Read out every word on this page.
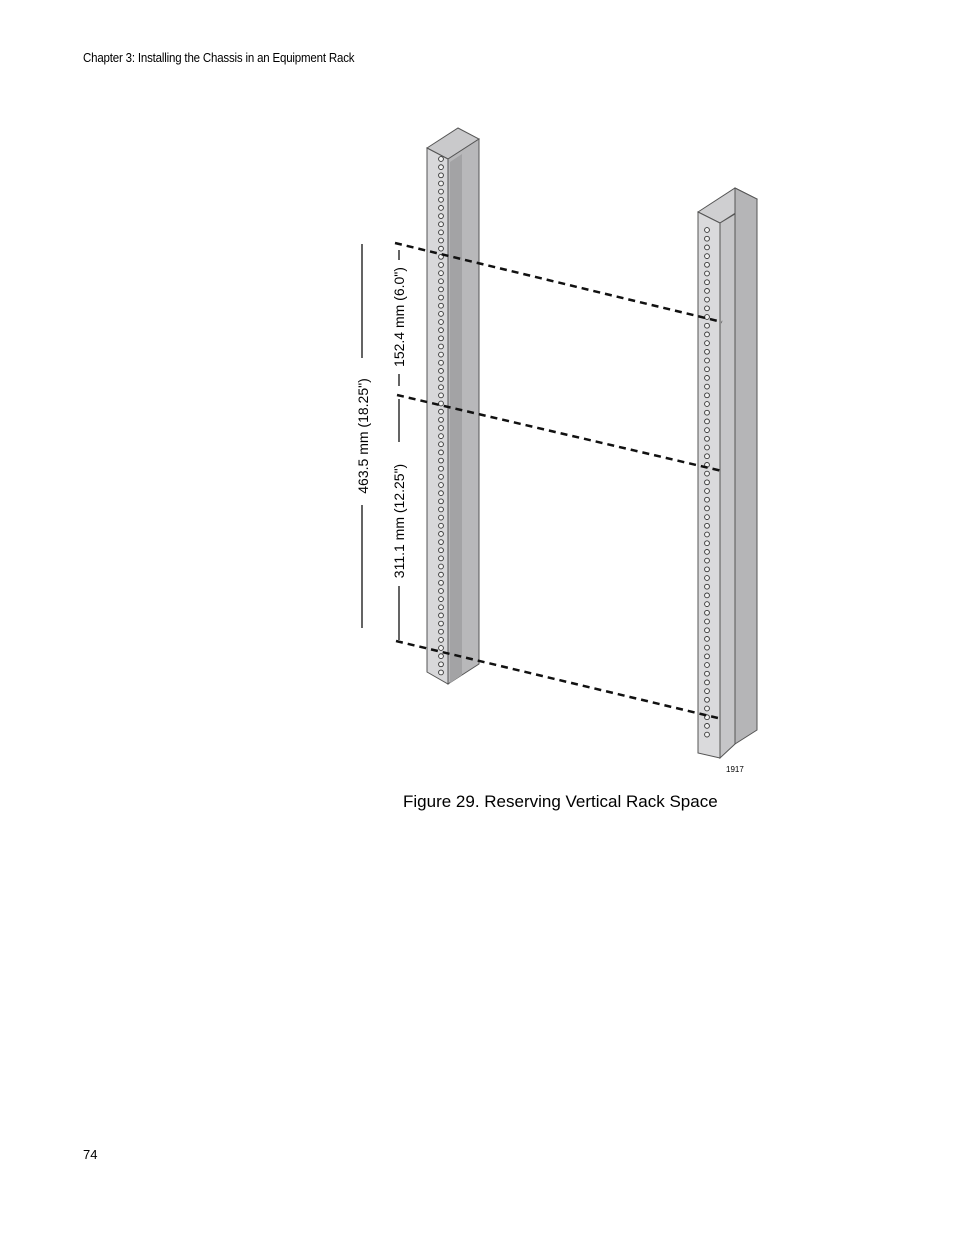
Chapter 3: Installing the Chassis in an Equipment Rack
463.5 mm (18.25")
152.4 mm (6.0")
311.1 mm (12.25")
1917
Figure 29. Reserving Vertical Rack Space
74
